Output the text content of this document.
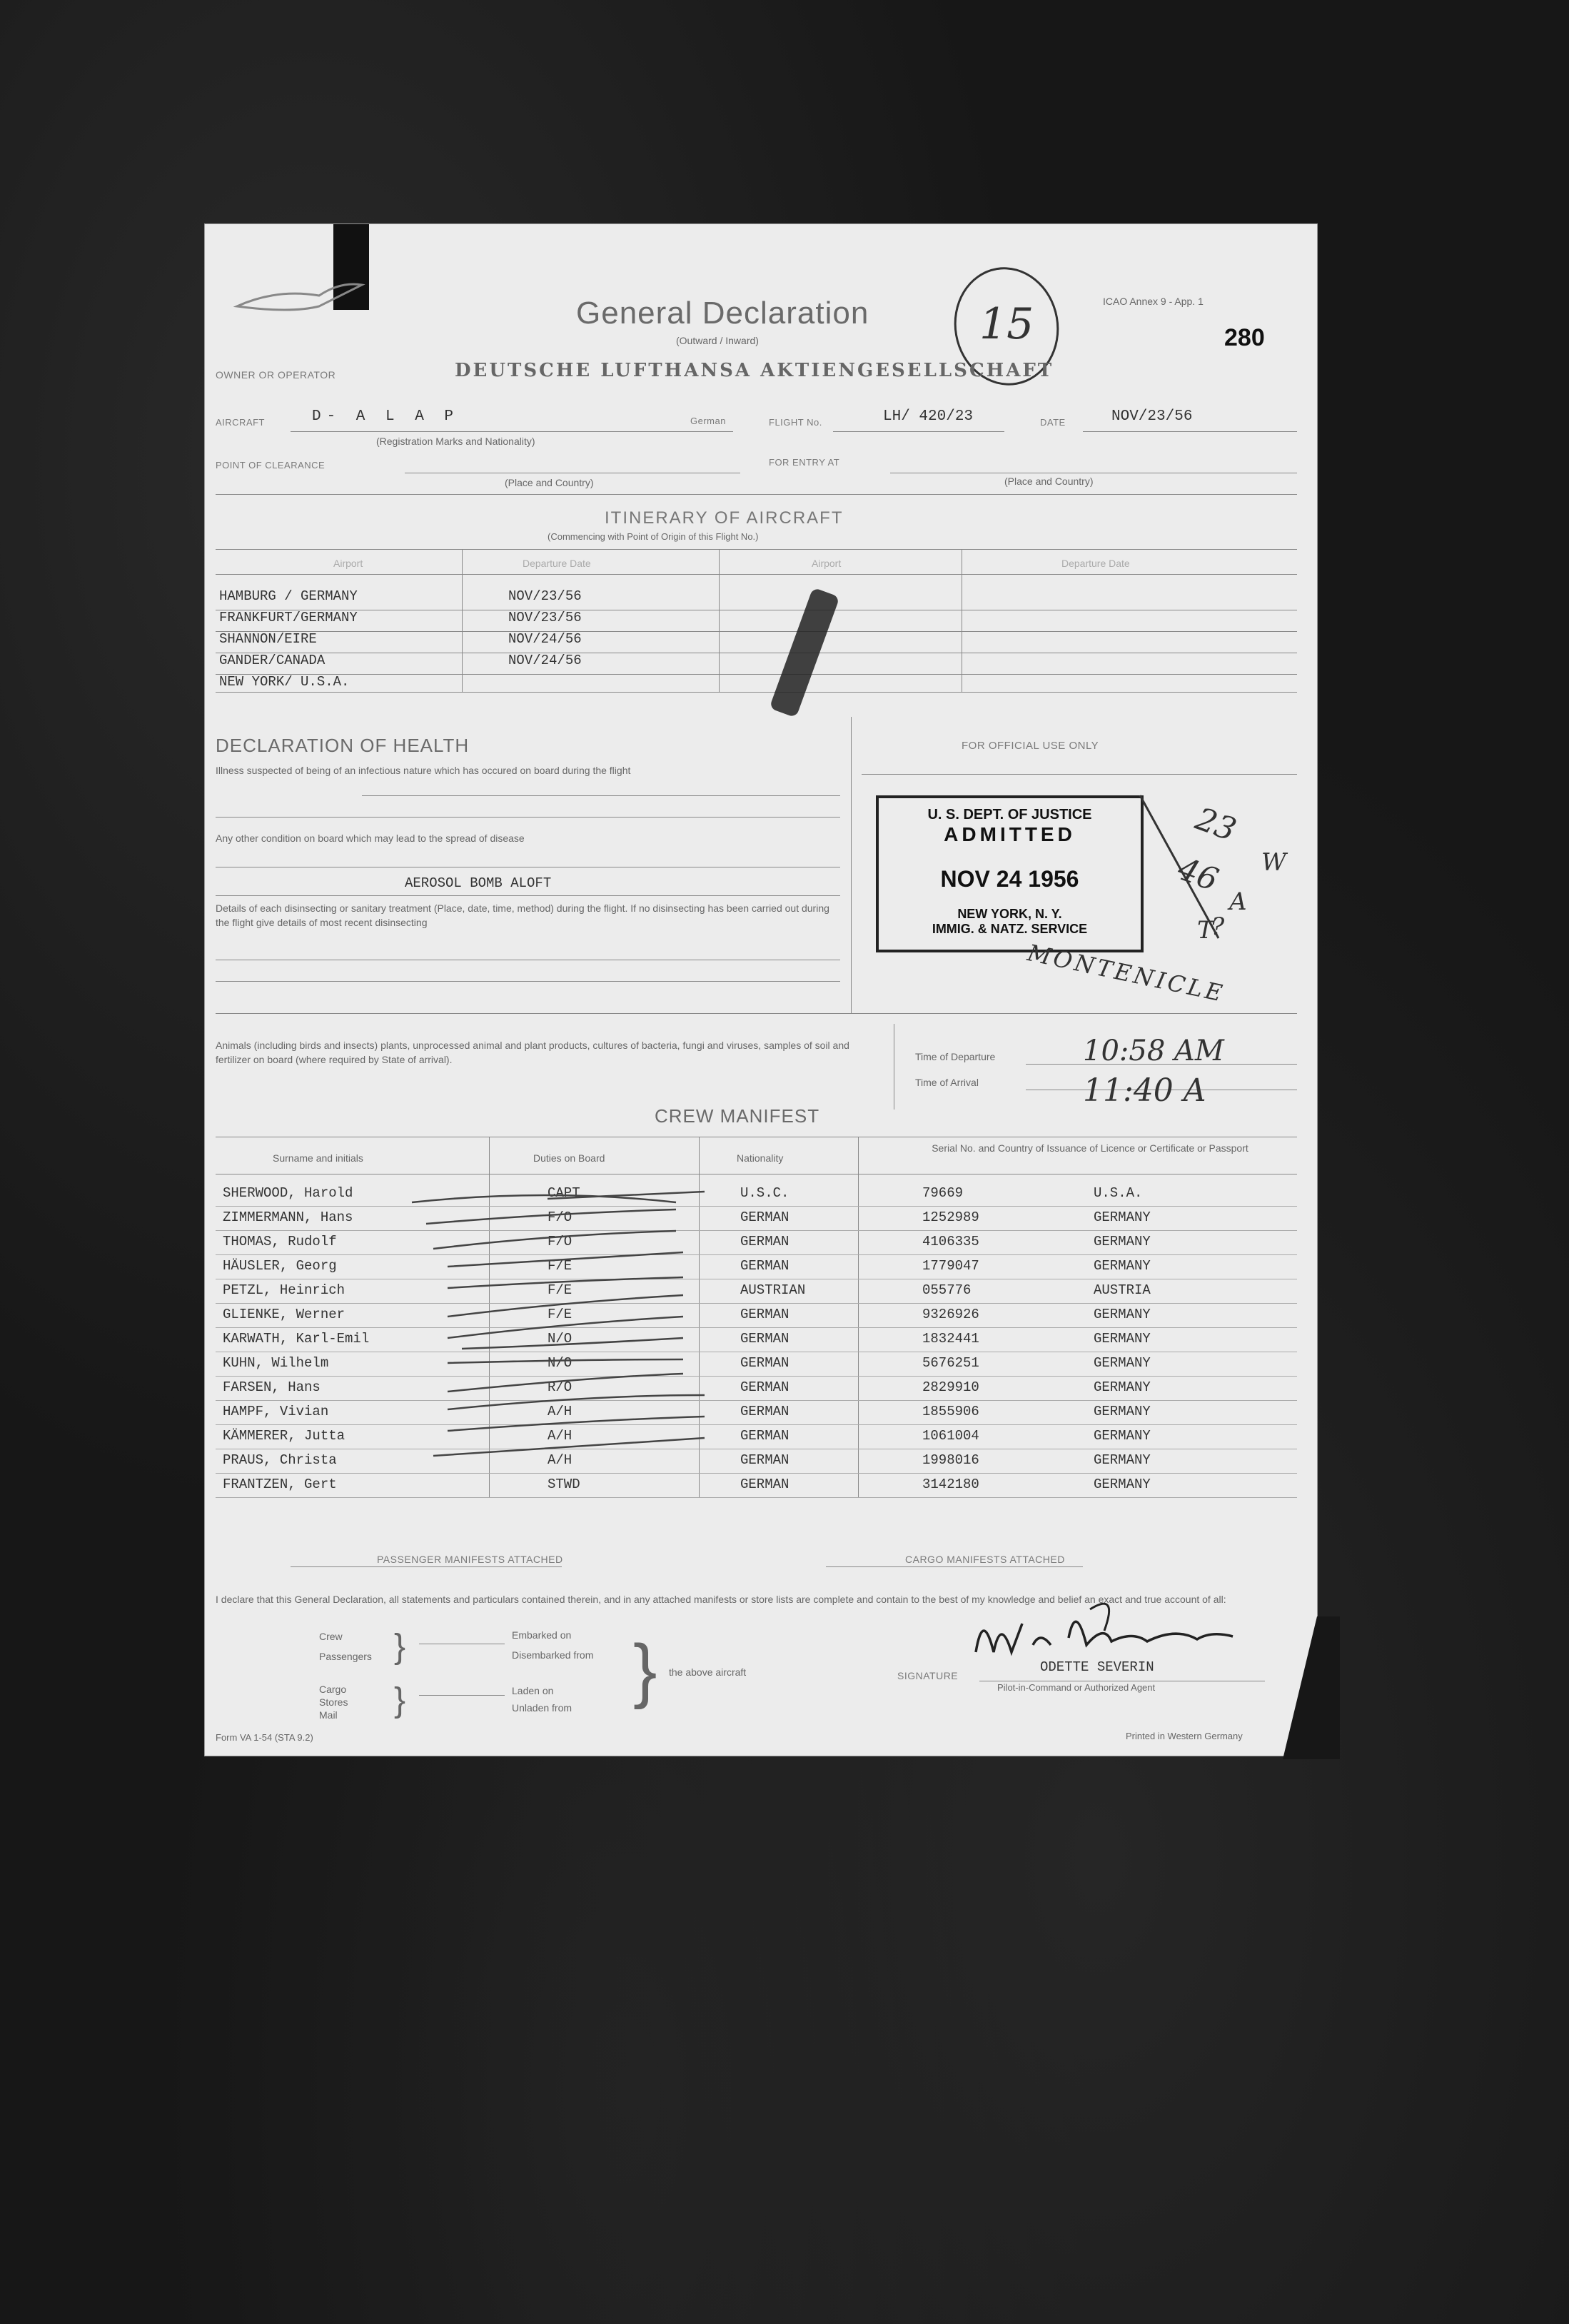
General Declaration
(Outward / Inward)
ICAO Annex 9 - App. 1
280
15
OWNER OR OPERATOR	DEUTSCHE LUFTHANSA AKTIENGESELLSCHAFT
AIRCRAFT	D- A L A P	German
(Registration Marks and Nationality)
FLIGHT No.	LH/ 420/23	DATE	NOV/23/56
POINT OF CLEARANCE
(Place and Country)
FOR ENTRY AT
(Place and Country)
ITINERARY OF AIRCRAFT
(Commencing with Point of Origin of this Flight No.)
Airport	Departure Date	Airport	Departure Date
HAMBURG / GERMANY	NOV/23/56
FRANKFURT/GERMANY	NOV/23/56
SHANNON/EIRE	NOV/24/56
GANDER/CANADA	NOV/24/56
NEW YORK/ U.S.A.
DECLARATION OF HEALTH
Illness suspected of being of an infectious nature which has occured on board during the flight
Any other condition on board which may lead to the spread of disease
AEROSOL BOMB ALOFT
Details of each disinsecting or sanitary treatment (Place, date, time, method) during the flight. If no disinsecting has been carried out during the flight give details of most recent disinsecting
Animals (including birds and insects) plants, unprocessed animal and plant products, cultures of bacteria, fungi and viruses, samples of soil and fertilizer on board (where required by State of arrival).
FOR OFFICIAL USE ONLY
U. S. DEPT. OF JUSTICE
ADMITTED
NOV 24 1956
NEW YORK, N. Y.
IMMIG. & NATZ. SERVICE
23
46 W
A
T
?
MONTENICLE
Time of Departure	10:58 AM
Time of Arrival	11:40 A
CREW MANIFEST
Surname and initials	Duties on Board	Nationality
Serial No. and Country of Issuance of Licence or Certificate or Passport
SHERWOOD, Harold	CAPT	U.S.C.	79669	U.S.A.
ZIMMERMANN, Hans	F/O	GERMAN	1252989	GERMANY
THOMAS, Rudolf	F/O	GERMAN	4106335	GERMANY
HÄUSLER, Georg	F/E	GERMAN	1779047	GERMANY
PETZL, Heinrich	F/E	AUSTRIAN	055776	AUSTRIA
GLIENKE, Werner	F/E	GERMAN	9326926	GERMANY
KARWATH, Karl-Emil	N/O	GERMAN	1832441	GERMANY
KUHN, Wilhelm	N/O	GERMAN	5676251	GERMANY
FARSEN, Hans	R/O	GERMAN	2829910	GERMANY
HAMPF, Vivian	A/H	GERMAN	1855906	GERMANY
KÄMMERER, Jutta	A/H	GERMAN	1061004	GERMANY
PRAUS, Christa	A/H	GERMAN	1998016	GERMANY
FRANTZEN, Gert	STWD	GERMAN	3142180	GERMANY
PASSENGER MANIFESTS ATTACHED	CARGO MANIFESTS ATTACHED
I declare that this General Declaration, all statements and particulars contained therein, and in any attached manifests or store lists are complete and contain to the best of my knowledge and belief an exact and true account of all:
Crew
Passengers
Cargo
Stores
Mail
}
}
Embarked on
Disembarked from
Laden on
Unladen from } the above aircraft	SIGNATURE
ODETTE SEVERIN
Pilot-in-Command or Authorized Agent
Form VA 1-54 (STA 9.2)	Printed in Western Germany
